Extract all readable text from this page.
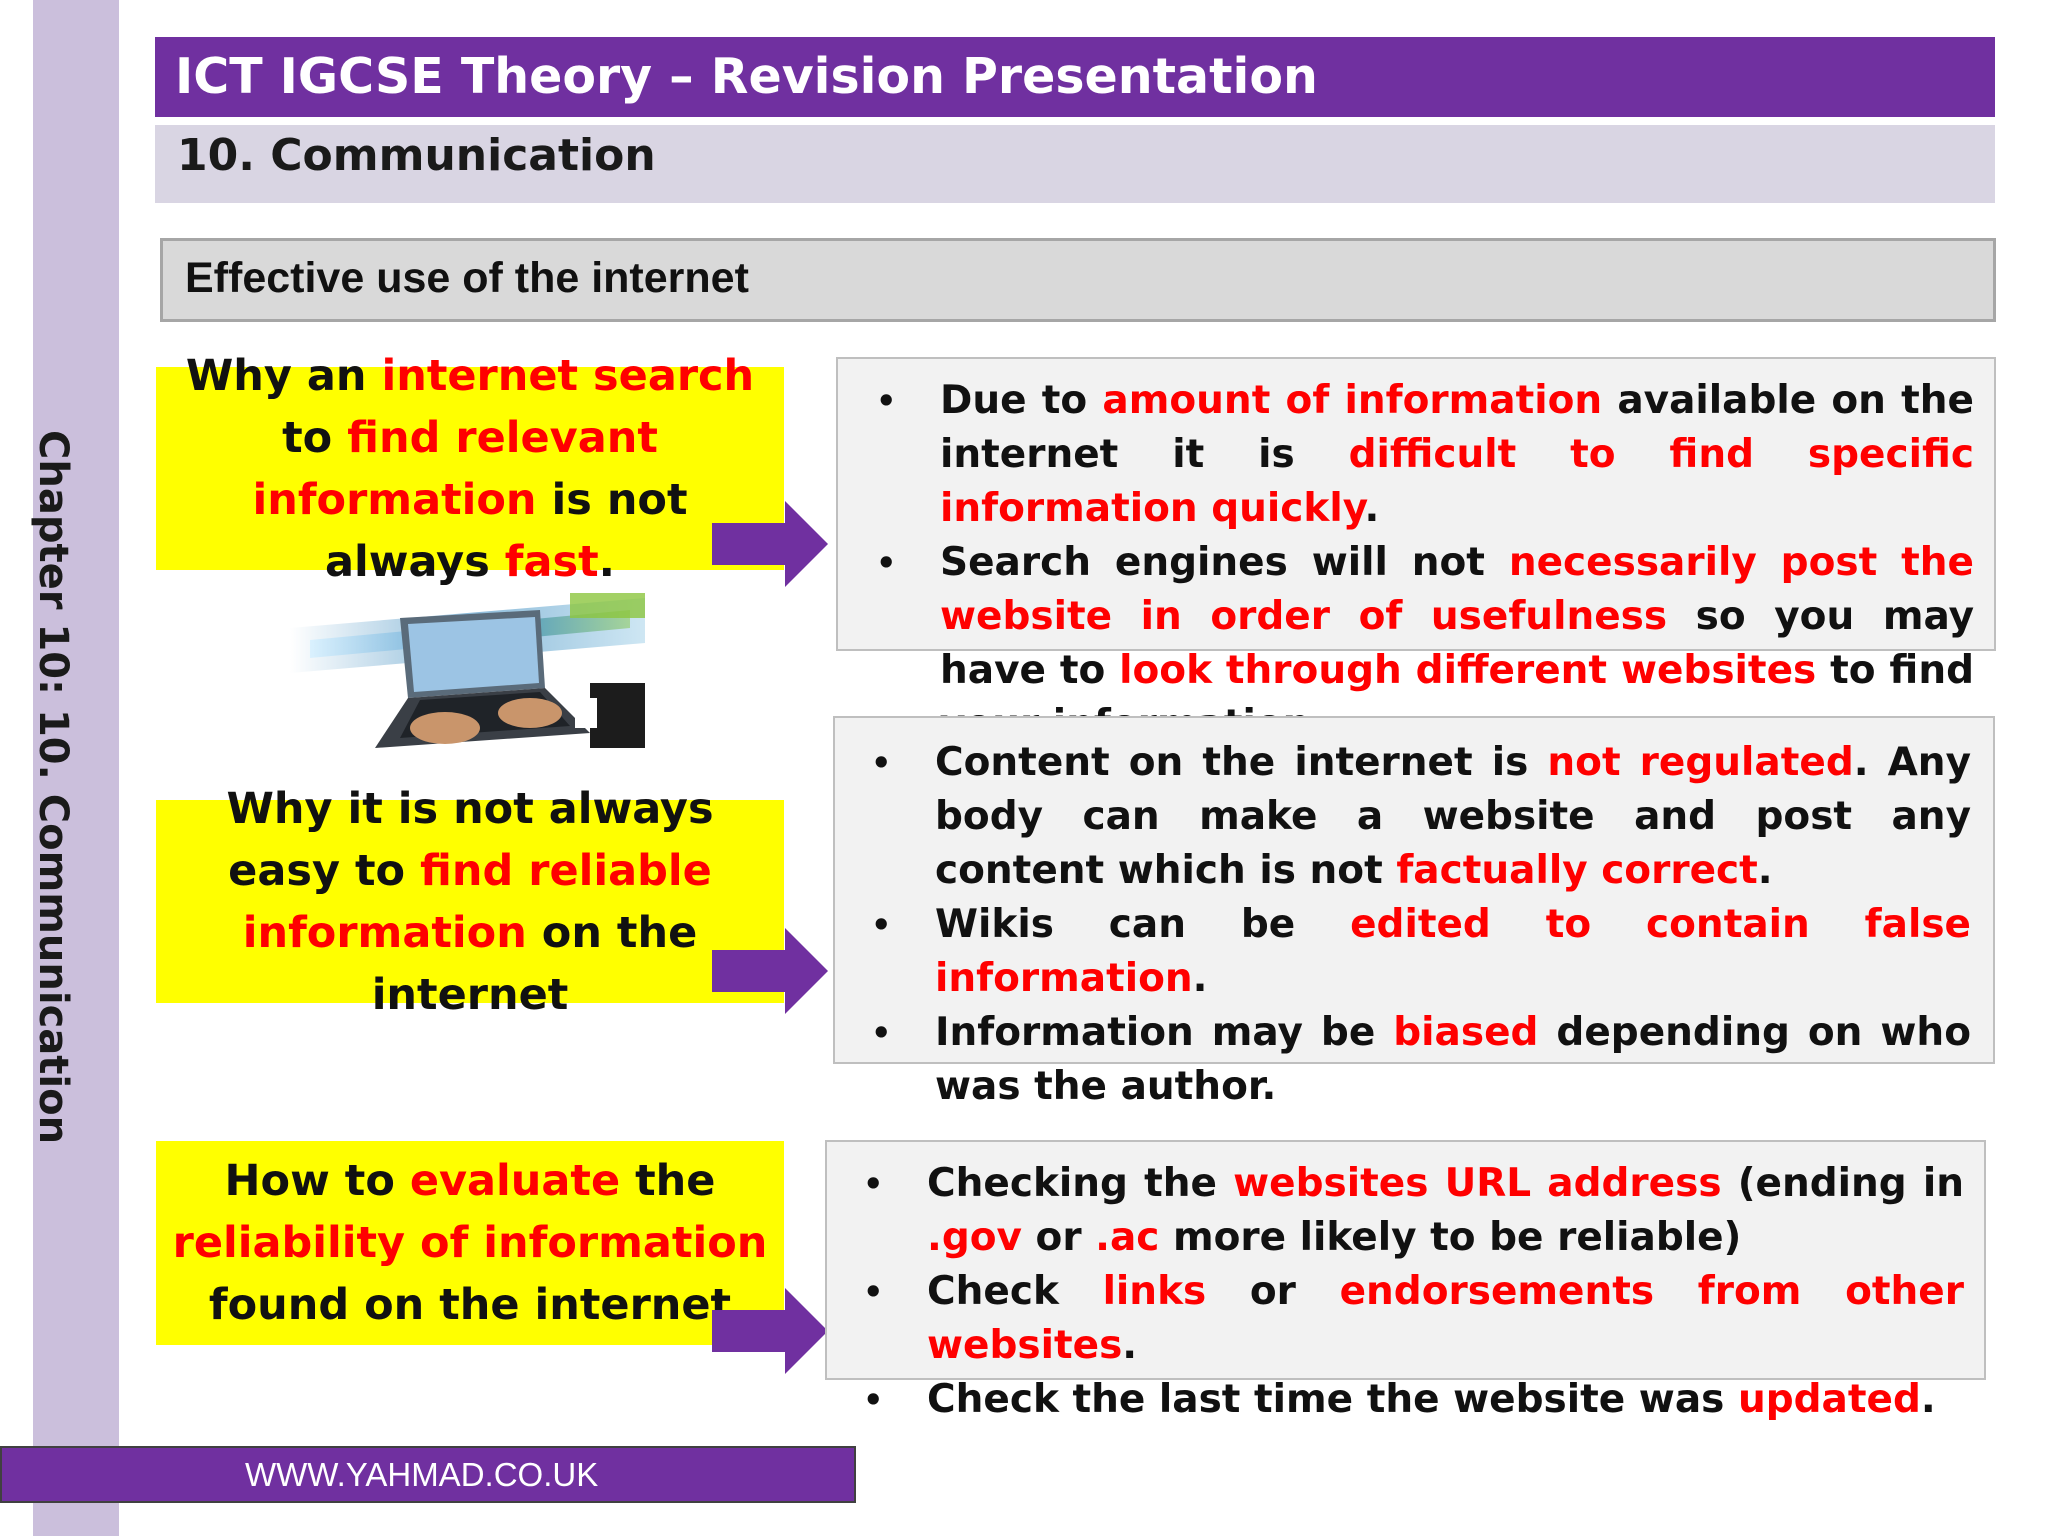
Chapter 10: 10. Communication
ICT IGCSE Theory – Revision Presentation
10. Communication
Effective use of the internet
Why an internet search to find relevant information is not always fast.
• Due to amount of information available on the internet it is difficult to find specific information quickly.
• Search engines will not necessarily post the website in order of usefulness so you may have to look through different websites to find
Why it is not always easy to find reliable information on the internet
• Content on the internet is not regulated. Any body can make a website and post any content which is not factually correct.
• Wikis can be edited to contain false information.
• Information may be biased depending on who was the author.
How to evaluate the reliability of information found on the internet
• Checking the websites URL address (ending in .gov or .ac more likely to be reliable)
• Check links or endorsements from other websites.
• Check the last time the website was updated.
WWW.YAHMAD.CO.UK
